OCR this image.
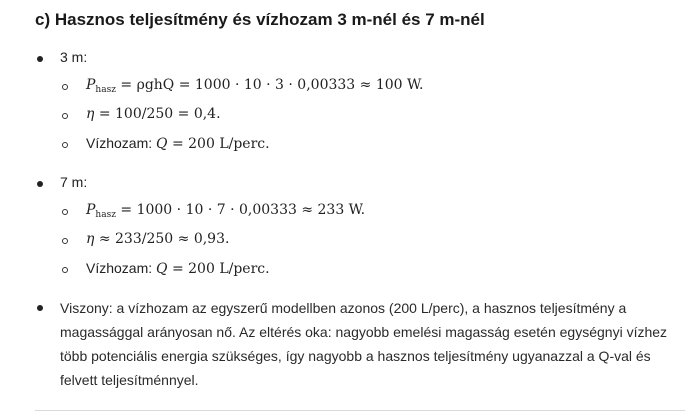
c) Hasznos teljesítmény és vízhozam 3 m-nél és 7 m-nél
3 m:
$P_{hasz} = \rho ghQ = 1000 \cdot 10 \cdot 3 \cdot 0,00333 \approx 100$ W.
η = 100/250 = 0,4.
Vízhozam: Q = 200 L/perc.
7 m:
$P_{hasz} = 1000 \cdot 10 \cdot 7 \cdot 0,00333 \approx 233$ W.
η ≈ 233/250 ≈ 0,93.
Vízhozam: Q = 200 L/perc.
Viszony: a vízhozam az egyszerű modellben azonos (200 L/perc), a hasznos teljesítmény a magassággal arányosan nő. Az eltérés oka: nagyobb emelési magasság esetén egységnyi vízhez több potenciális energia szükséges, így nagyobb a hasznos teljesítmény ugyanazzal a Q-val és felvett teljesítménnyel.
